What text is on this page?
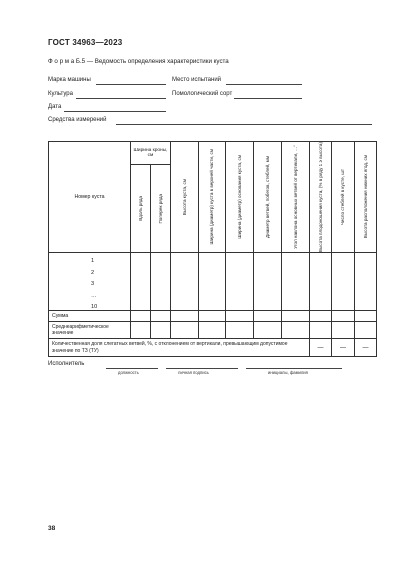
ГОСТ 34963—2023
Ф о р м а Б.5 — Ведомость определения характеристики куста
Марка машины	Место испытаний
Культура	Помологический сорт
Дата
Средства измерений
Номер куста	Ширина кроны, см		Высота куста, см	Ширина (диаметр) куста в верхней части, см	Ширина (диаметр) основания куста, см	Диаметр ветвей, побегов, стеблей, мм	Угол наклона основных ветвей от вертикали, …°	Высота плодоношения куста, (% в ряду 1 ≥ высота)	Число стеблей в кусте, шт	Высота расположения нижних ягод, см

	Вдоль ряда	Поперек ряда								

1
2
3
…
10										

Сумма										
Среднеарифметическое значение										
Количественная доля слегатных ветвей, %, с отклонением от вертикали, превышающим допустимое значение по ТЗ (ТУ)								—	—	—
Исполнитель
должность	личная подпись	инициалы, фамилия
38
